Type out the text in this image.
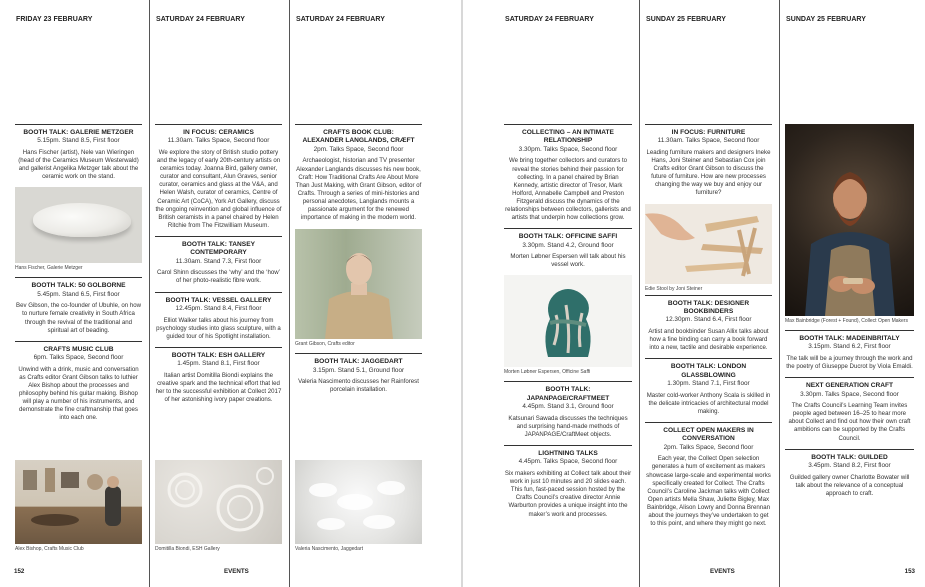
FRIDAY 23 FEBRUARY
BOOTH TALK: GALERIE METZGER
5.15pm. Stand 8.5, First floor
Hans Fischer (artist), Nele van Wieringen (head of the Ceramics Museum Westerwald) and gallerist Angelika Metzger talk about the ceramic work on the stand.
Hans Fischer, Galerie Metzger
BOOTH TALK: 50 GOLBORNE
5.45pm. Stand 6.5, First floor
Bev Gibson, the co-founder of Ubuhle, on how to nurture female creativity in South Africa through the revival of the traditional and spiritual art of beading.
CRAFTS MUSIC CLUB
6pm. Talks Space, Second floor
Unwind with a drink, music and conversation as Crafts editor Grant Gibson talks to luthier Alex Bishop about the processes and philosophy behind his guitar making. Bishop will play a number of his instruments, and demonstrate the fine craftmanship that goes into each one.
Alex Bishop, Crafts Music Club
152
SATURDAY 24 FEBRUARY
IN FOCUS: CERAMICS
11.30am. Talks Space, Second floor
We explore the story of British studio pottery and the legacy of early 20th-century artists on ceramics today. Joanna Bird, gallery owner, curator and consultant, Alun Graves, senior curator, ceramics and glass at the V&A, and Helen Walsh, curator of ceramics, Centre of Ceramic Art (CoCA), York Art Gallery, discuss the ongoing reinvention and global influence of British ceramists in a panel chaired by Helen Ritchie from The Fitzwilliam Museum.
BOOTH TALK: TANSEY CONTEMPORARY
11.30am. Stand 7.3, First floor
Carol Shinn discusses the ‘why’ and the ‘how’ of her photo-realistic fibre work.
BOOTH TALK: VESSEL GALLERY
12.45pm. Stand 8.4, First floor
Elliot Walker talks about his journey from psychology studies into glass sculpture, with a guided tour of his Spotlight installation.
BOOTH TALK: ESH GALLERY
1.45pm. Stand 8.1, First floor
Italian artist Domitilla Biondi explains the creative spark and the technical effort that led her to the successful exhibition at Collect 2017 of her astonishing ivory paper creations.
Domitilla Biondi, ESH Gallery
SATURDAY 24 FEBRUARY
CRAFTS BOOK CLUB:
ALEXANDER LANGLANDS, CRÆFT
2pm. Talks Space, Second floor
Archaeologist, historian and TV presenter Alexander Langlands discusses his new book, Craft: How Traditional Crafts Are About More Than Just Making, with Grant Gibson, editor of Crafts. Through a series of mini-histories and personal anecdotes, Langlands mounts a passionate argument for the renewed importance of making in the modern world.
Grant Gibson, Crafts editor
BOOTH TALK: JAGGEDART
3.15pm. Stand 5.1, Ground floor
Valeria Nascimento discusses her Rainforest porcelain installation.
Valeria Nascimento, Jaggedart
EVENTS
SATURDAY 24 FEBRUARY
COLLECTING – AN INTIMATE RELATIONSHIP
3.30pm. Talks Space, Second floor
We bring together collectors and curators to reveal the stories behind their passion for collecting. In a panel chaired by Brian Kennedy, artistic director of Tresor, Mark Holford, Annabelle Campbell and Preston Fitzgerald discuss the dynamics of the relationships between collectors, gallerists and artists that underpin how collections grow.
BOOTH TALK: OFFICINE SAFFI
3.30pm. Stand 4.2, Ground floor
Morten Løbner Espersen will talk about his vessel work.
Morten Løbner Espersen, Officine Saffi
BOOTH TALK: JAPANPAGE/CRAFTMEET
4.45pm. Stand 3.1, Ground floor
Katsunari Sawada discusses the techniques and surprising hand-made methods of JAPANPAGE/CraftMeet objects.
LIGHTNING TALKS
4.45pm. Talks Space, Second floor
Six makers exhibiting at Collect talk about their work in just 10 minutes and 20 slides each. This fun, fast-paced session hosted by the Crafts Council’s creative director Annie Warburton provides a unique insight into the maker’s work and processes.
SUNDAY 25 FEBRUARY
IN FOCUS: FURNITURE
11.30am. Talks Space, Second floor
Leading furniture makers and designers Ineke Hans, Joni Steiner and Sebastian Cox join Crafts editor Grant Gibson to discuss the future of furniture. How are new processes changing the way we buy and enjoy our furniture?
Edie Stool by Joni Steiner
BOOTH TALK: DESIGNER BOOKBINDERS
12.30pm. Stand 6.4, First floor
Artist and bookbinder Susan Allix talks about how a fine binding can carry a book forward into a new, tactile and desirable experience.
BOOTH TALK: LONDON GLASSBLOWING
1.30pm. Stand 7.1, First floor
Master cold-worker Anthony Scala is skilled in the delicate intricacies of architectural model making.
COLLECT OPEN MAKERS IN CONVERSATION
2pm. Talks Space, Second floor
Each year, the Collect Open selection generates a hum of excitement as makers showcase large-scale and experimental works specifically created for Collect. The Crafts Council’s Caroline Jackman talks with Collect Open artists Mella Shaw, Juliette Bigley, Max Bainbridge, Alison Lowry and Donna Brennan about the journeys they’ve undertaken to get to this point, and where they might go next.
SUNDAY 25 FEBRUARY
Max Bainbridge (Forest + Found), Collect Open Makers
BOOTH TALK: MADEINBRITALY
3.15pm. Stand 6.2, First floor
The talk will be a journey through the work and the poetry of Giuseppe Ducrot by Viola Emaldi.
NEXT GENERATION CRAFT
3.30pm. Talks Space, Second floor
The Crafts Council’s Learning Team invites people aged between 16–25 to hear more about Collect and find out how their own craft ambitions can be supported by the Crafts Council.
BOOTH TALK: GUILDED
3.45pm. Stand 8.2, First floor
Guilded gallery owner Charlotte Bowater will talk about the relevance of a conceptual approach to craft.
153
EVENTS
